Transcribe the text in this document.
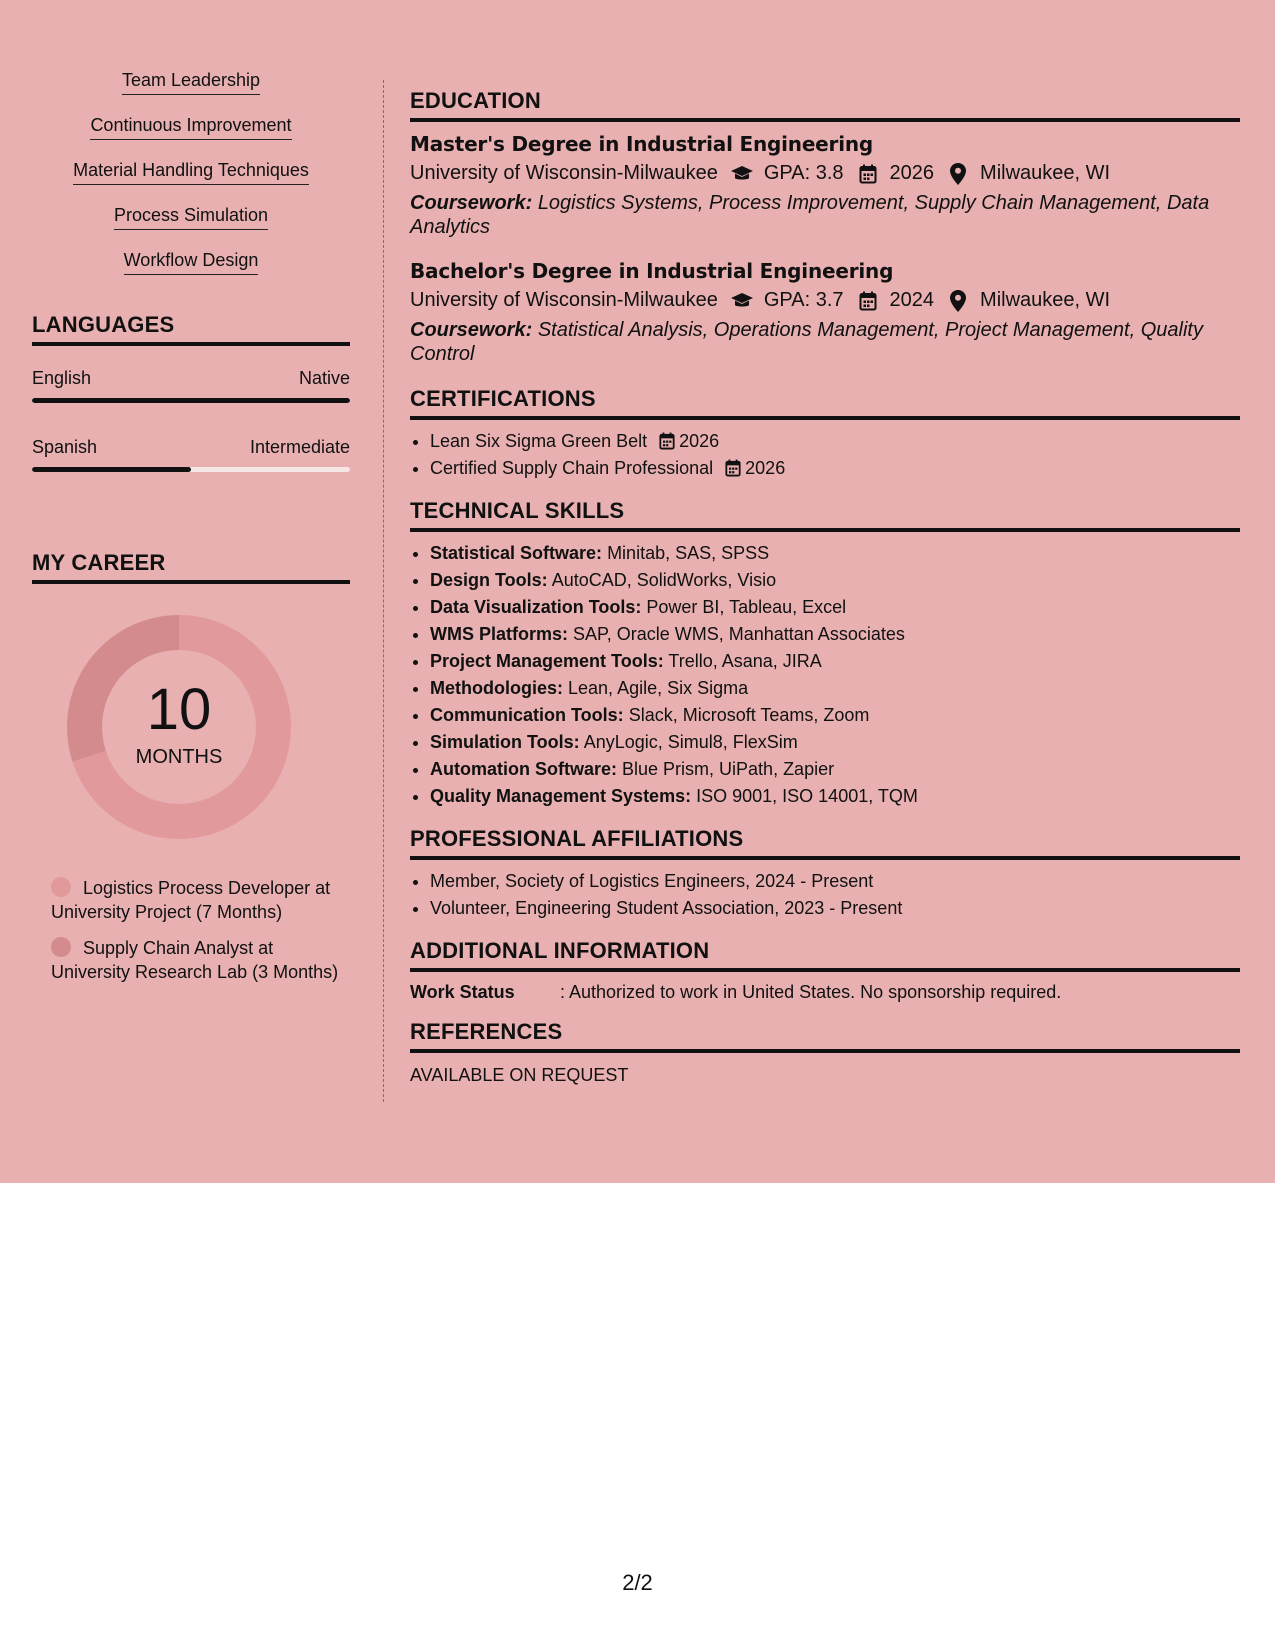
Team Leadership
Continuous Improvement
Material Handling Techniques
Process Simulation
Workflow Design
LANGUAGES
English	Native
Spanish	Intermediate
MY CAREER
10
MONTHS
Logistics Process Developer at University Project (7 Months)
Supply Chain Analyst at University Research Lab (3 Months)
EDUCATION
Master's Degree in Industrial Engineering
University of Wisconsin-Milwaukee GPA: 3.8 2026 Milwaukee, WI
Coursework: Logistics Systems, Process Improvement, Supply Chain Management, Data Analytics
Bachelor's Degree in Industrial Engineering
University of Wisconsin-Milwaukee GPA: 3.7 2024 Milwaukee, WI
Coursework: Statistical Analysis, Operations Management, Project Management, Quality Control
CERTIFICATIONS
• Lean Six Sigma Green Belt 2026
• Certified Supply Chain Professional 2026
TECHNICAL SKILLS
• Statistical Software: Minitab, SAS, SPSS
• Design Tools: AutoCAD, SolidWorks, Visio
• Data Visualization Tools: Power BI, Tableau, Excel
• WMS Platforms: SAP, Oracle WMS, Manhattan Associates
• Project Management Tools: Trello, Asana, JIRA
• Methodologies: Lean, Agile, Six Sigma
• Communication Tools: Slack, Microsoft Teams, Zoom
• Simulation Tools: AnyLogic, Simul8, FlexSim
• Automation Software: Blue Prism, UiPath, Zapier
• Quality Management Systems: ISO 9001, ISO 14001, TQM
PROFESSIONAL AFFILIATIONS
• Member, Society of Logistics Engineers, 2024 - Present
• Volunteer, Engineering Student Association, 2023 - Present
ADDITIONAL INFORMATION
Work Status	: Authorized to work in United States. No sponsorship required.
REFERENCES
AVAILABLE ON REQUEST
2/2
